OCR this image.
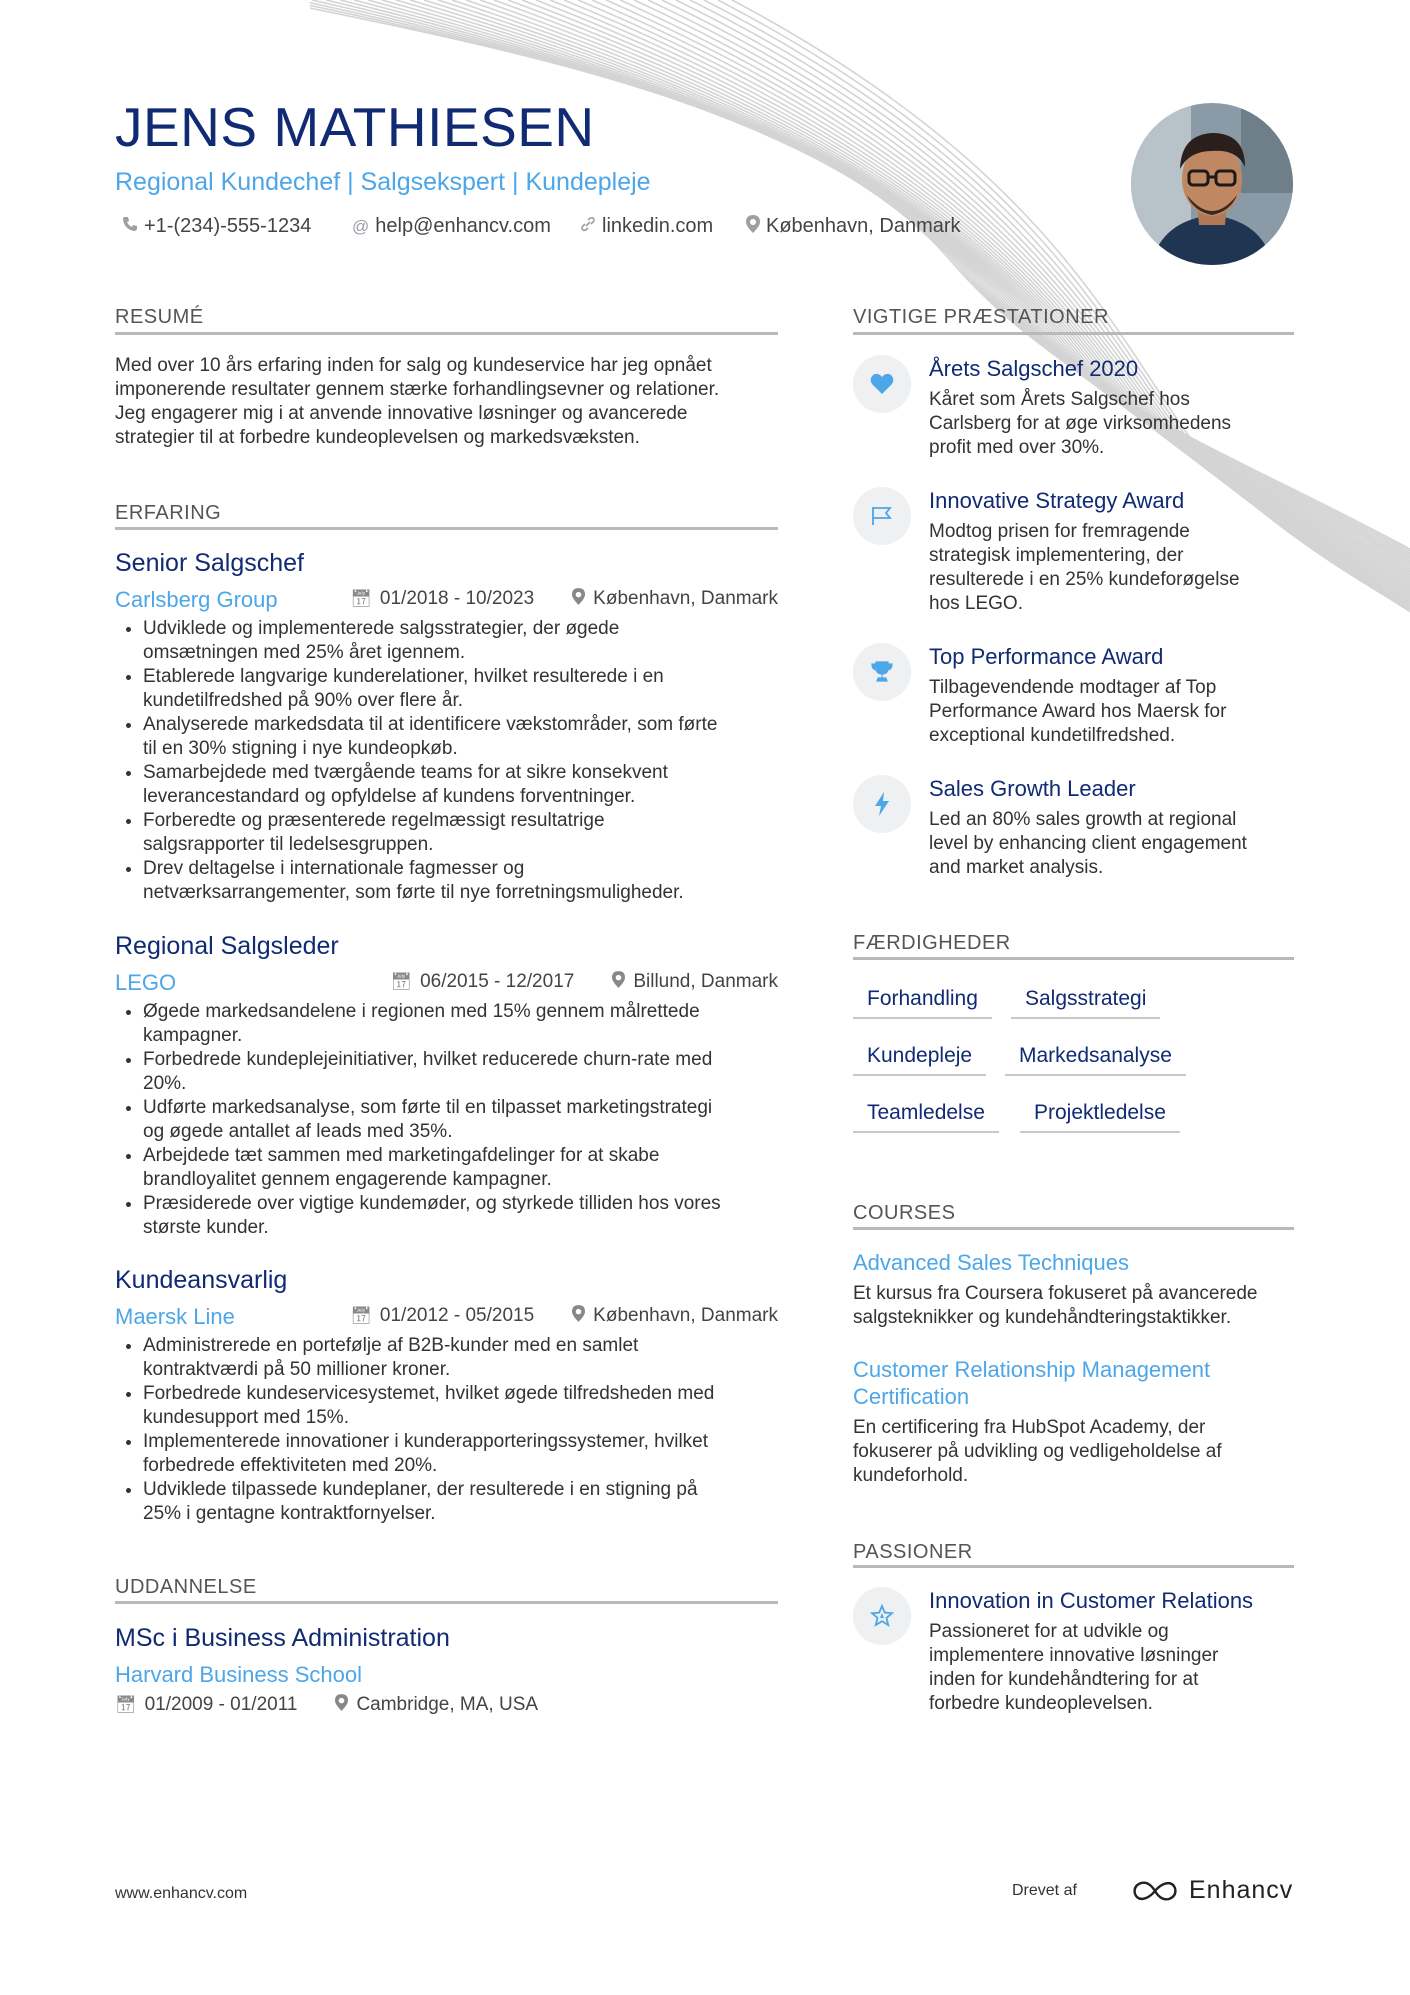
JENS MATHIESEN
Regional Kundechef | Salgsekspert | Kundepleje
+1-(234)-555-1234 @ help@enhancv.com	linkedin.com	København, Danmark
RESUMÉ
Med over 10 års erfaring inden for salg og kundeservice har jeg opnået
imponerende resultater gennem stærke forhandlingsevner og relationer.
Jeg engagerer mig i at anvende innovative løsninger og avancerede
strategier til at forbedre kundeoplevelsen og markedsvæksten.
ERFARING
Senior Salgschef
Carlsberg Group	📅︎ 01/2018 - 10/2023	København, Danmark
• Udviklede og implementerede salgsstrategier, der øgede
omsætningen med 25% året igennem.
• Etablerede langvarige kunderelationer, hvilket resulterede i en
kundetilfredshed på 90% over flere år.
• Analyserede markedsdata til at identificere vækstområder, som førte
til en 30% stigning i nye kundeopkøb.
• Samarbejdede med tværgående teams for at sikre konsekvent
leverancestandard og opfyldelse af kundens forventninger.
• Forberedte og præsenterede regelmæssigt resultatrige
salgsrapporter til ledelsesgruppen.
• Drev deltagelse i internationale fagmesser og
netværksarrangementer, som førte til nye forretningsmuligheder.
Regional Salgsleder
LEGO	📅︎ 06/2015 - 12/2017	Billund, Danmark
• Øgede markedsandelene i regionen med 15% gennem målrettede
kampagner.
• Forbedrede kundeplejeinitiativer, hvilket reducerede churn-rate med
20%.
• Udførte markedsanalyse, som førte til en tilpasset marketingstrategi
og øgede antallet af leads med 35%.
• Arbejdede tæt sammen med marketingafdelinger for at skabe
brandloyalitet gennem engagerende kampagner.
• Præsiderede over vigtige kundemøder, og styrkede tilliden hos vores
største kunder.
Kundeansvarlig
Maersk Line	📅︎ 01/2012 - 05/2015	København, Danmark
• Administrerede en portefølje af B2B-kunder med en samlet
kontraktværdi på 50 millioner kroner.
• Forbedrede kundeservicesystemet, hvilket øgede tilfredsheden med
kundesupport med 15%.
• Implementerede innovationer i kunderapporteringssystemer, hvilket
forbedrede effektiviteten med 20%.
• Udviklede tilpassede kundeplaner, der resulterede i en stigning på
25% i gentagne kontraktfornyelser.
UDDANNELSE
MSc i Business Administration
Harvard Business School
📅︎ 01/2009 - 01/2011	Cambridge, MA, USA
VIGTIGE PRÆSTATIONER
Årets Salgschef 2020
Kåret som Årets Salgschef hos
Carlsberg for at øge virksomhedens
profit med over 30%.
Innovative Strategy Award
Modtog prisen for fremragende
strategisk implementering, der
resulterede i en 25% kundeforøgelse
hos LEGO.
Top Performance Award
Tilbagevendende modtager af Top
Performance Award hos Maersk for
exceptional kundetilfredshed.
Sales Growth Leader
Led an 80% sales growth at regional
level by enhancing client engagement
and market analysis.
FÆRDIGHEDER
Forhandling	Salgsstrategi
Kundepleje	Markedsanalyse
Teamledelse	Projektledelse
COURSES
Advanced Sales Techniques
Et kursus fra Coursera fokuseret på avancerede
salgsteknikker og kundehåndteringstaktikker.
Customer Relationship Management
Certification
En certificering fra HubSpot Academy, der
fokuserer på udvikling og vedligeholdelse af
kundeforhold.
PASSIONER
Innovation in Customer Relations
Passioneret for at udvikle og
implementere innovative løsninger
inden for kundehåndtering for at
forbedre kundeoplevelsen.
www.enhancv.com	Drevet af	Enhancv
